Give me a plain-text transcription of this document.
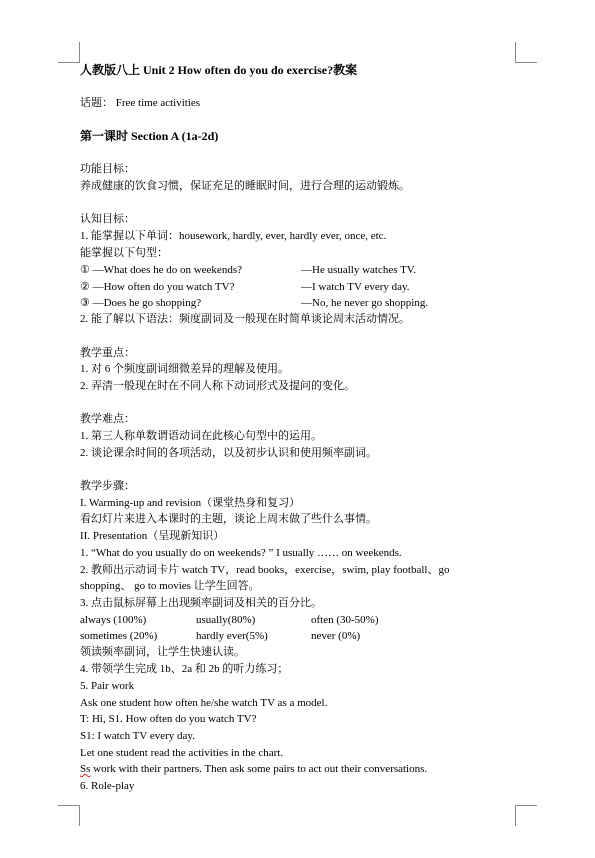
人教版八上 Unit 2 How often do you do exercise?教案
话题： Free time activities
第一课时 Section A (1a-2d)
功能目标：
养成健康的饮食习惯，保证充足的睡眠时间，进行合理的运动锻炼。
认知目标：
1. 能掌握以下单词：housework, hardly, ever, hardly ever, once, etc.
能掌握以下句型：
① —What does he do on weekends?	—He usually watches TV.
② —How often do you watch TV?	—I watch TV every day.
③ —Does he go shopping?	—No, he never go shopping.
2. 能了解以下语法：频度副词及一般现在时简单谈论周末活动情况。
教学重点：
1. 对 6 个频度副词细微差异的理解及使用。
2. 弄清一般现在时在不同人称下动词形式及提问的变化。
教学难点：
1. 第三人称单数谓语动词在此核心句型中的运用。
2. 谈论课余时间的各项活动，以及初步认识和使用频率副词。
教学步骤：
I. Warming-up and revision（课堂热身和复习）
看幻灯片来进入本课时的主题，谈论上周末做了些什么事情。
II. Presentation（呈现新知识）
1. “What do you usually do on weekends? ” I usually …… on weekends.
2. 教师出示动词卡片 watch TV，read books，exercise，swim, play football、go
shopping、 go to movies 让学生回答。
3. 点击鼠标屏幕上出现频率副词及相关的百分比。
always (100%)	usually(80%)	often (30-50%)
sometimes (20%)	hardly ever(5%)	never (0%)
领读频率副词，让学生快速认读。
4. 带领学生完成 1b、2a 和 2b 的听力练习；
5. Pair work
Ask one student how often he/she watch TV as a model.
T: Hi, S1. How often do you watch TV?
S1: I watch TV every day.
Let one student read the activities in the chart.
Ss work with their partners. Then ask some pairs to act out their conversations.
6. Role-play
